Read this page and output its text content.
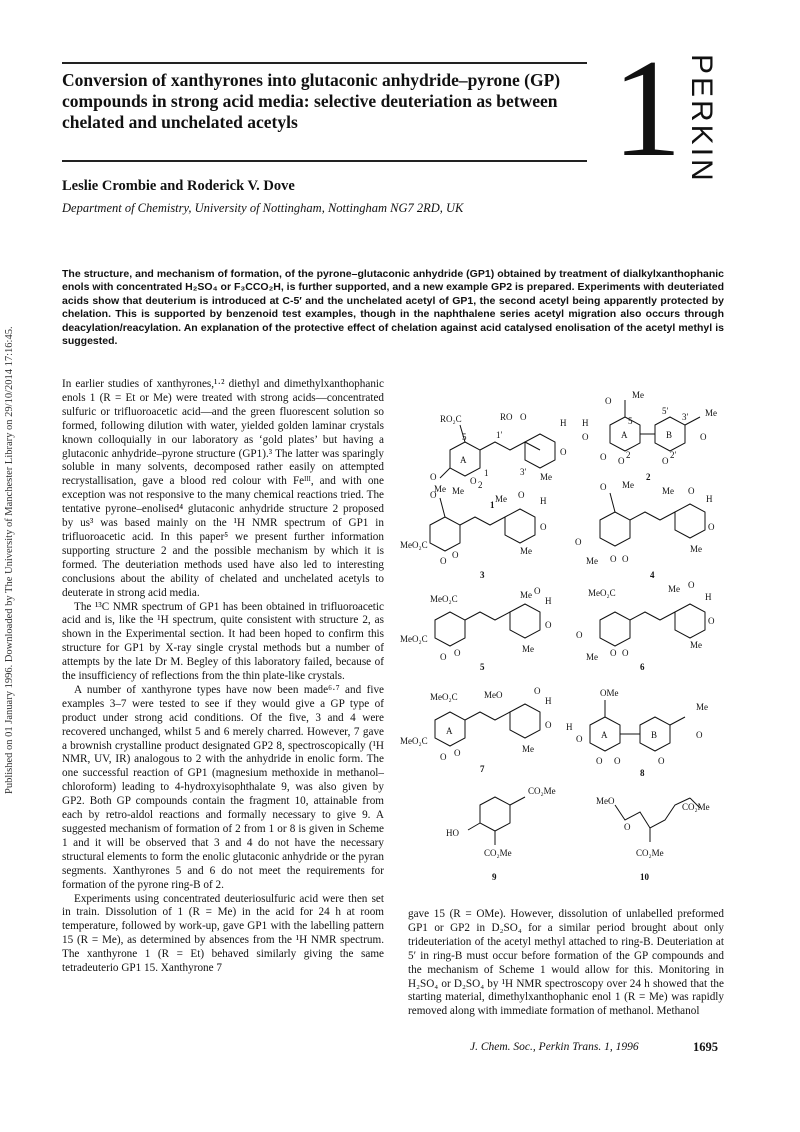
Published on 01 January 1996. Downloaded by The University of Manchester Library on 29/10/2014 17:16:45.
Conversion of xanthyrones into glutaconic anhydride–pyrone (GP) compounds in strong acid media: selective deuteriation as between chelated and unchelated acetyls	1 PERKIN
Leslie Crombie and Roderick V. Dove
Department of Chemistry, University of Nottingham, Nottingham NG7 2RD, UK
The structure, and mechanism of formation, of the pyrone–glutaconic anhydride (GP1) obtained by treatment of dialkylxanthophanic enols with concentrated H₂SO₄ or F₃CCO₂H, is further supported, and a new example GP2 is prepared. Experiments with deuteriated acids show that deuterium is introduced at C-5′ and the unchelated acetyl of GP1, the second acetyl being apparently protected by chelation. This is supported by benzenoid test examples, though in the naphthalene series acetyl migration also occurs through deacylation/reacylation. An explanation of the protective effect of chelation against acid catalysed enolisation of the acetyl methyl is suggested.

In earlier studies of xanthyrones,¹·² diethyl and dimethylxanthophanic enols 1 (R = Et or Me) were treated with strong acids—concentrated sulfuric or trifluoroacetic acid—and the green fluorescent solution so formed, following dilution with water, yielded golden laminar crystals known colloquially in our laboratory as ‘gold plates’ but having a glutaconic anhydride–pyrone structure (GP1).³ The latter was sparingly soluble in many solvents, decomposed rather easily on attempted recrystallisation, gave a blood red colour with Feᴵᴵᴵ, and with one exception was not responsive to the many chemical reactions tried. The tentative pyrone–enolised⁴ glutaconic anhydride structure 2 proposed by us³ was based mainly on the ¹H NMR spectrum of GP1 in trifluoroacetic acid. In this paper⁵ we present further information supporting structure 2 and the possible mechanism by which it is formed. The deuteriation methods used have also led to interesting conclusions about the ability of chelated and unchelated acetyls to deuterate in strong acid media.

The ¹³C NMR spectrum of GP1 has been obtained in trifluoroacetic acid and is, like the ¹H spectrum, quite consistent with structure 2, as shown in the Experimental section. It had been hoped to confirm this structure for GP1 by X-ray single crystal methods but a number of attempts by the late Dr M. Begley of this laboratory failed, because of the insufficiency of reflections from the thin plate-like crystals.

A number of xanthyrone types have now been made⁶·⁷ and five examples 3–7 were tested to see if they would give a GP type of product under strong acid conditions. Of the five, 3 and 4 were recovered unchanged, whilst 5 and 6 merely charred. However, 7 gave a brownish crystalline product designated GP2 8, spectroscopically (¹H NMR, UV, IR) analogous to 2 with the anhydride in enolic form. The one successful reaction of GP1 (magnesium methoxide in methanol–chloroform) leading to 4-hydroxyisophthalate 9, was also given by GP2. Both GP compounds contain the fragment 10, attainable from each by retro-aldol reactions and formally necessary to give 9. A suggested mechanism of formation of 2 from 1 or 8 is given in Scheme 1 and it will be observed that 3 and 4 do not have the necessary structural elements to form the enolic glutaconic anhydride or the pyran segments. Xanthyrones 5 and 6 do not meet the requirements for formation of the pyrone ring-B of 2.

Experiments using concentrated deuteriosulfuric acid were then set in train. Dissolution of 1 (R = Me) in the acid for 24 h at room temperature, followed by work-up, gave GP1 with the labelling pattern 15 (R = Me), as determined by absences from the ¹H NMR spectrum. The xanthyrone 1 (R = Et) behaved similarly giving the same tetradeuterio GP1 15. Xanthyrone 7

RO₂C	RO O
H
5	1′
A
3′
O	O
O
1
2
Me
Me
1
Me
O
H
O
5
5′
A	B
3′ Me
O O	O
O
2	2′
2
O Me
Me O
H
O
MeO₂C
O
O
Me
3
O Me
Me O
H
O
O
Me	O
O
Me
4
MeO₂C	Me O
H
O
MeO₂C
O O	Me
5
MeO₂C	Me O
H
O
O
Me	O
O
Me
6
MeO₂C	MeO	O
H
O
A
MeO₂C
O O	Me
7
OMe
H
O A	B
Me
O O	O
O
8
CO₂Me
HO
CO₂Me
9
MeO
O
CO₂Me
CO₂Me
10

gave 15 (R = OMe). However, dissolution of unlabelled preformed GP1 or GP2 in D₂SO₄ for a similar period brought about only trideuteriation of the acetyl methyl attached to ring-B. Deuteriation at 5′ in ring-B must occur before formation of the GP compounds and the mechanism of Scheme 1 would allow for this. Monitoring in H₂SO₄ or D₂SO₄ by ¹H NMR spectroscopy over 24 h showed that the starting material, dimethylxanthophanic enol 1 (R = Me) was rapidly removed along with immediate formation of methanol. Methanol

J. Chem. Soc., Perkin Trans. 1, 1996	1695
